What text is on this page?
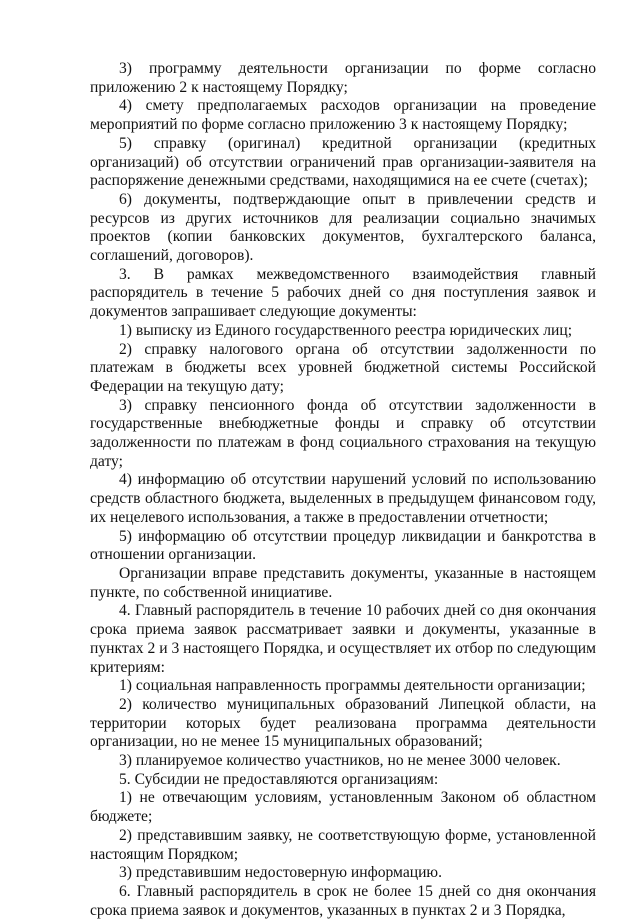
3) программу деятельности организации по форме согласно приложению 2 к настоящему Порядку;

4) смету предполагаемых расходов организации на проведение мероприятий по форме согласно приложению 3 к настоящему Порядку;

5) справку (оригинал) кредитной организации (кредитных организаций) об отсутствии ограничений прав организации-заявителя на распоряжение денежными средствами, находящимися на ее счете (счетах);

6) документы, подтверждающие опыт в привлечении средств и ресурсов из других источников для реализации социально значимых проектов (копии банковских документов, бухгалтерского баланса, соглашений, договоров).

3. В рамках межведомственного взаимодействия главный распорядитель в течение 5 рабочих дней со дня поступления заявок и документов запрашивает следующие документы:

1) выписку из Единого государственного реестра юридических лиц;

2) справку налогового органа об отсутствии задолженности по платежам в бюджеты всех уровней бюджетной системы Российской Федерации на текущую дату;

3) справку пенсионного фонда об отсутствии задолженности в государственные внебюджетные фонды и справку об отсутствии задолженности по платежам в фонд социального страхования на текущую дату;

4) информацию об отсутствии нарушений условий по использованию средств областного бюджета, выделенных в предыдущем финансовом году, их нецелевого использования, а также в предоставлении отчетности;

5) информацию об отсутствии процедур ликвидации и банкротства в отношении организации.

Организации вправе представить документы, указанные в настоящем пункте, по собственной инициативе.

4. Главный распорядитель в течение 10 рабочих дней со дня окончания срока приема заявок рассматривает заявки и документы, указанные в пунктах 2 и 3 настоящего Порядка, и осуществляет их отбор по следующим критериям:

1) социальная направленность программы деятельности организации;

2) количество муниципальных образований Липецкой области, на территории которых будет реализована программа деятельности организации, но не менее 15 муниципальных образований;

3) планируемое количество участников, но не менее 3000 человек.

5. Субсидии не предоставляются организациям:

1) не отвечающим условиям, установленным Законом об областном бюджете;

2) представившим заявку, не соответствующую форме, установленной настоящим Порядком;

3) представившим недостоверную информацию.

6. Главный распорядитель в срок не более 15 дней со дня окончания срока приема заявок и документов, указанных в пунктах 2 и 3 Порядка,
